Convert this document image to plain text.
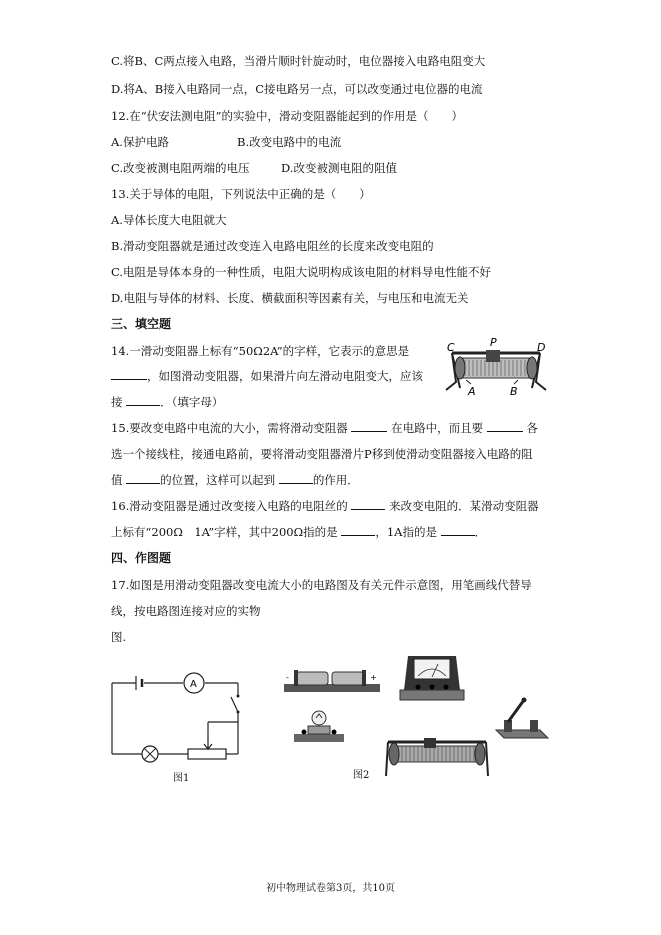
C.将B、C两点接入电路，当滑片顺时针旋动时，电位器接入电路电阻变大
D.将A、B接入电路同一点，C接电路另一点，可以改变通过电位器的电流
12.在“伏安法测电阻”的实验中，滑动变阻器能起到的作用是（　　）
A.保护电路	B.改变电路中的电流
C.改变被测电阻两端的电压	D.改变被测电阻的阻值
13.关于导体的电阻，下列说法中正确的是（　　）
A.导体长度大电阻就大
B.滑动变阻器就是通过改变连入电路电阻丝的长度来改变电阻的
C.电阻是导体本身的一种性质，电阻大说明构成该电阻的材料导电性能不好
D.电阻与导体的材料、长度、横截面积等因素有关，与电压和电流无关
三、填空题
14.一滑动变阻器上标有“50Ω2A”的字样，它表示的意思是
，如图滑动变阻器，如果滑片向左滑动电阻变大，应该
接	．（填字母）
15.要改变电路中电流的大小，需将滑动变阻器	在电路中，而且要	各
选一个接线柱，接通电路前，要将滑动变阻器滑片P移到使滑动变阻器接入电路的阻
值	的位置，这样可以起到	的作用．
16.滑动变阻器是通过改变接入电路的电阻丝的	来改变电阻的．某滑动变阻器
上标有“200Ω　1A”字样，其中200Ω指的是	，1A指的是	．
四、作图题
17.如图是用滑动变阻器改变电流大小的电路图及有关元件示意图，用笔画线代替导
线，按电路图连接对应的实物
图.
C	P	D
A	B
A
图1
-	+
图2
初中物理试卷第3页，共10页
